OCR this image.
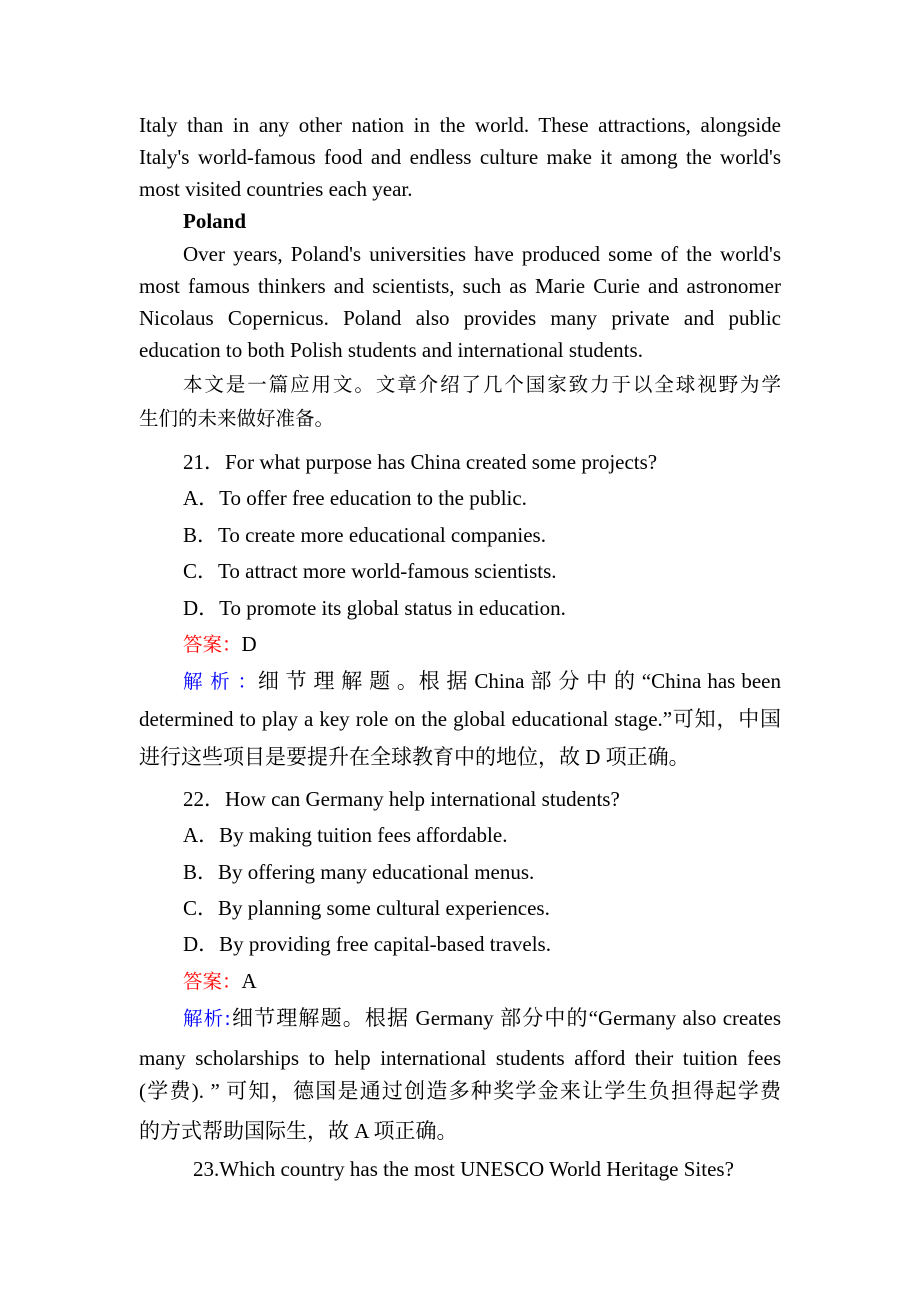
Italy than in any other nation in the world. These attractions, alongside
Italy's world-famous food and endless culture make it among the world's
most visited countries each year.
Poland
Over years, Poland's universities have produced some of the world's
most famous thinkers and scientists, such as Marie Curie and astronomer
Nicolaus Copernicus. Poland also provides many private and public
education to both Polish students and international students.
本文是一篇应用文。文章介绍了几个国家致力于以全球视野为学
生们的未来做好准备。
21．For what purpose has China created some projects?
A．To offer free education to the public.
B．To create more educational companies.
C．To attract more world-famous scientists.
D．To promote its global status in education.
答案：D
解 析 ：细 节 理 解 题 。根 据 China 部 分 中 的 “China has been
determined to play a key role on the global educational stage.”可知，中国
进行这些项目是要提升在全球教育中的地位，故 D 项正确。
22．How can Germany help international students?
A．By making tuition fees affordable.
B．By offering many educational menus.
C．By planning some cultural experiences.
D．By providing free capital-based travels.
答案：A
解析:细节理解题。根据 Germany 部分中的“Germany also creates
many scholarships to help international students afford their tuition fees
(学费). ” 可知，德国是通过创造多种奖学金来让学生负担得起学费
的方式帮助国际生，故 A 项正确。
23.Which country has the most UNESCO World Heritage Sites?
